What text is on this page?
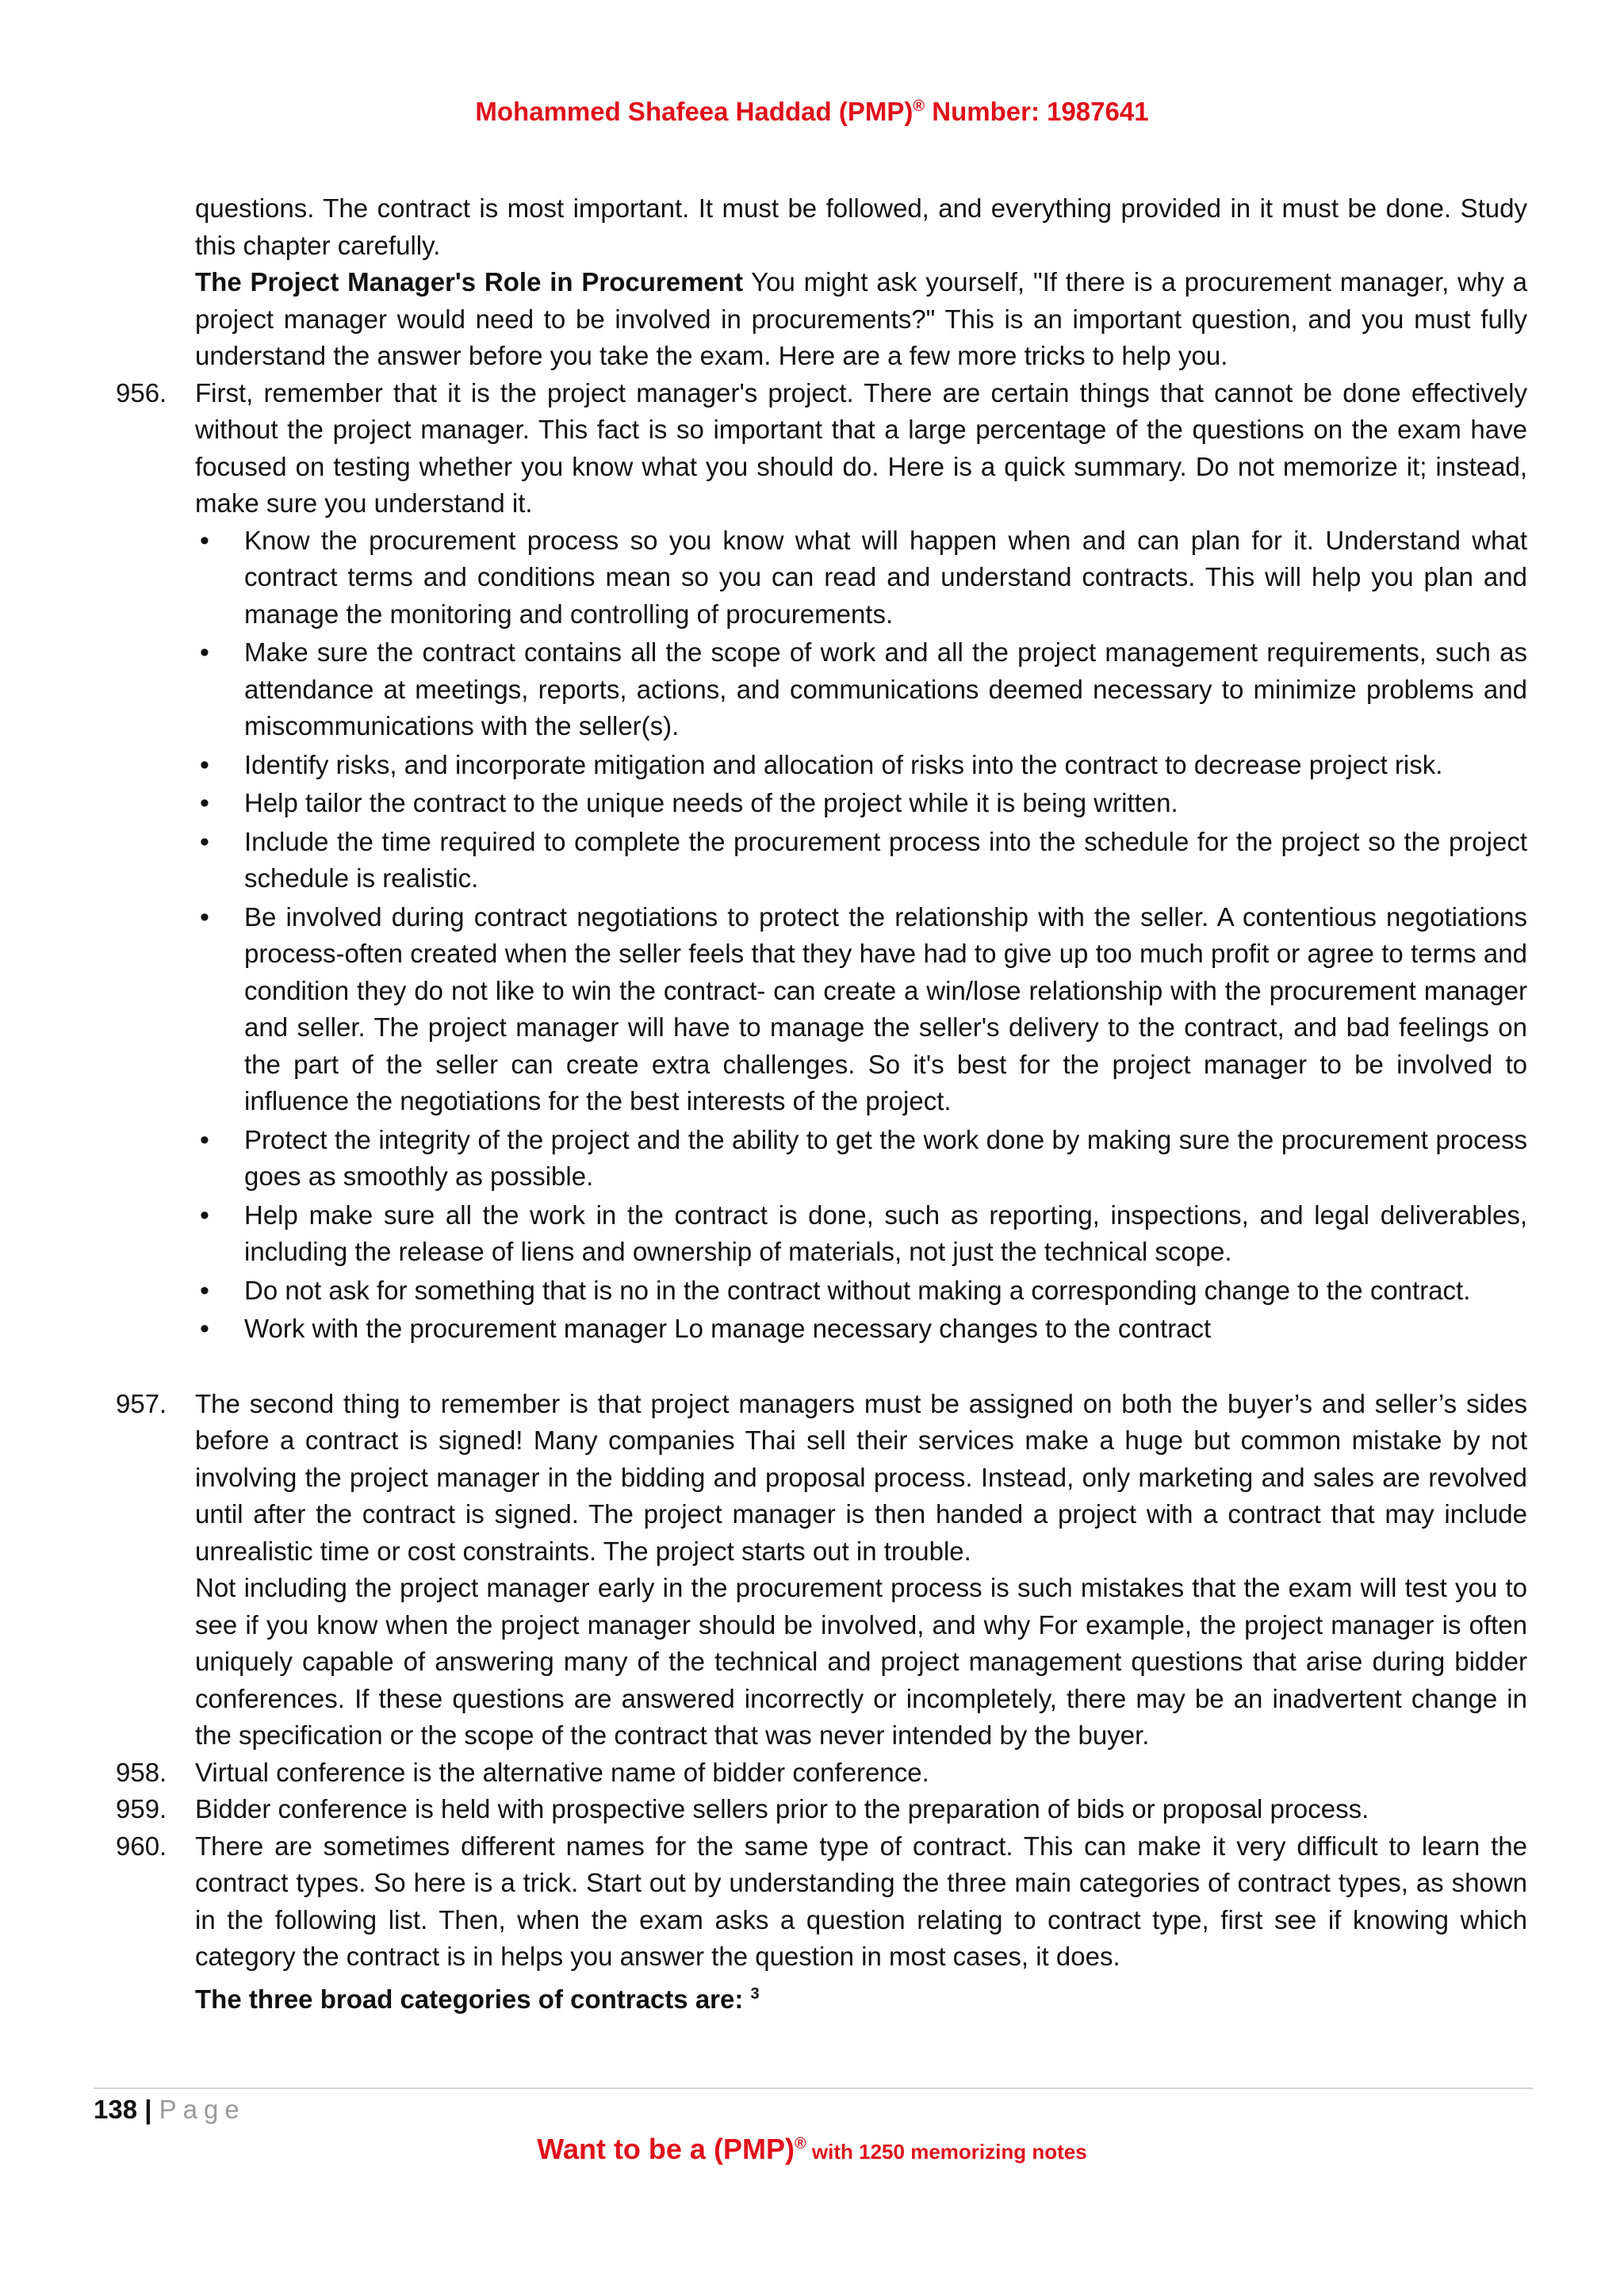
Mohammed Shafeea Haddad (PMP)® Number: 1987641
questions. The contract is most important. It must be followed, and everything provided in it must be done. Study this chapter carefully.
The Project Manager's Role in Procurement You might ask yourself, "If there is a procurement manager, why a project manager would need to be involved in procurements?" This is an important question, and you must fully understand the answer before you take the exam. Here are a few more tricks to help you.
956.	First, remember that it is the project manager's project. There are certain things that cannot be done effectively without the project manager. This fact is so important that a large percentage of the questions on the exam have focused on testing whether you know what you should do. Here is a quick summary. Do not memorize it; instead, make sure you understand it.
•
Know the procurement process so you know what will happen when and can plan for it. Understand what contract terms and conditions mean so you can read and understand contracts. This will help you plan and manage the monitoring and controlling of procurements.
•
Make sure the contract contains all the scope of work and all the project management requirements, such as attendance at meetings, reports, actions, and communications deemed necessary to minimize problems and miscommunications with the seller(s).
•
Identify risks, and incorporate mitigation and allocation of risks into the contract to decrease project risk.
•
Help tailor the contract to the unique needs of the project while it is being written.
•
Include the time required to complete the procurement process into the schedule for the project so the project schedule is realistic.
•
Be involved during contract negotiations to protect the relationship with the seller. A contentious negotiations process-often created when the seller feels that they have had to give up too much profit or agree to terms and condition they do not like to win the contract- can create a win/lose relationship with the procurement manager and seller. The project manager will have to manage the seller's delivery to the contract, and bad feelings on the part of the seller can create extra challenges. So it's best for the project manager to be involved to influence the negotiations for the best interests of the project.
•
Protect the integrity of the project and the ability to get the work done by making sure the procurement process goes as smoothly as possible.
•
Help make sure all the work in the contract is done, such as reporting, inspections, and legal deliverables, including the release of liens and ownership of materials, not just the technical scope.
•
Do not ask for something that is no in the contract without making a corresponding change to the contract.
•
Work with the procurement manager Lo manage necessary changes to the contract
957.	The second thing to remember is that project managers must be assigned on both the buyer’s and seller’s sides before a contract is signed! Many companies Thai sell their services make a huge but common mistake by not involving the project manager in the bidding and proposal process. Instead, only marketing and sales are revolved until after the contract is signed. The project manager is then handed a project with a contract that may include unrealistic time or cost constraints. The project starts out in trouble.
Not including the project manager early in the procurement process is such mistakes that the exam will test you to see if you know when the project manager should be involved, and why For example, the project manager is often uniquely capable of answering many of the technical and project management questions that arise during bidder conferences. If these questions are answered incorrectly or incompletely, there may be an inadvertent change in the specification or the scope of the contract that was never intended by the buyer.
958.	Virtual conference is the alternative name of bidder conference.
959.	Bidder conference is held with prospective sellers prior to the preparation of bids or proposal process.
960.	There are sometimes different names for the same type of contract. This can make it very difficult to learn the contract types. So here is a trick. Start out by understanding the three main categories of contract types, as shown in the following list. Then, when the exam asks a question relating to contract type, first see if knowing which category the contract is in helps you answer the question in most cases, it does.
The three broad categories of contracts are: $^3$
138 | Page
Want to be a (PMP)® with 1250 memorizing notes
